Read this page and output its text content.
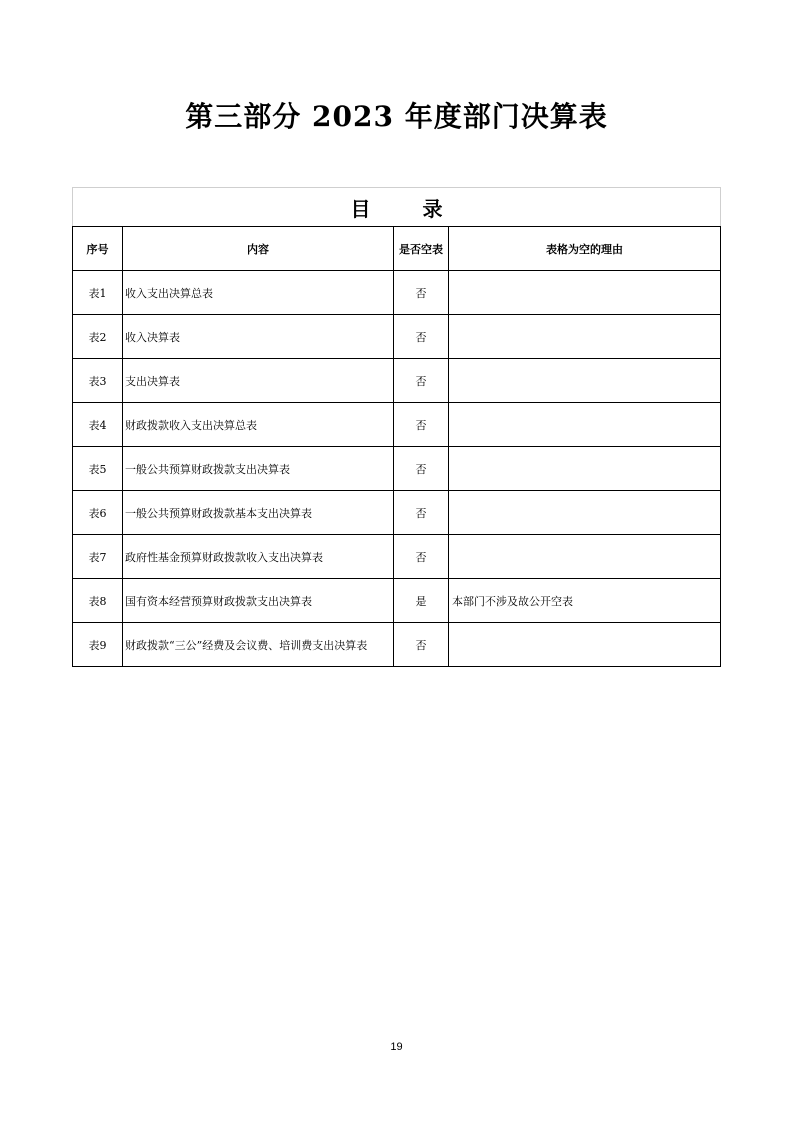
第三部分 2023 年度部门决算表
目 录			
序号	内容	是否空表	表格为空的理由
表1	收入支出决算总表	否	
表2	收入决算表	否	
表3	支出决算表	否	
表4	财政拨款收入支出决算总表	否	
表5	一般公共预算财政拨款支出决算表	否	
表6	一般公共预算财政拨款基本支出决算表	否	
表7	政府性基金预算财政拨款收入支出决算表	否	
表8	国有资本经营预算财政拨款支出决算表	是	本部门不涉及故公开空表
表9	财政拨款“三公”经费及会议费、培训费支出决算表	否	
19
